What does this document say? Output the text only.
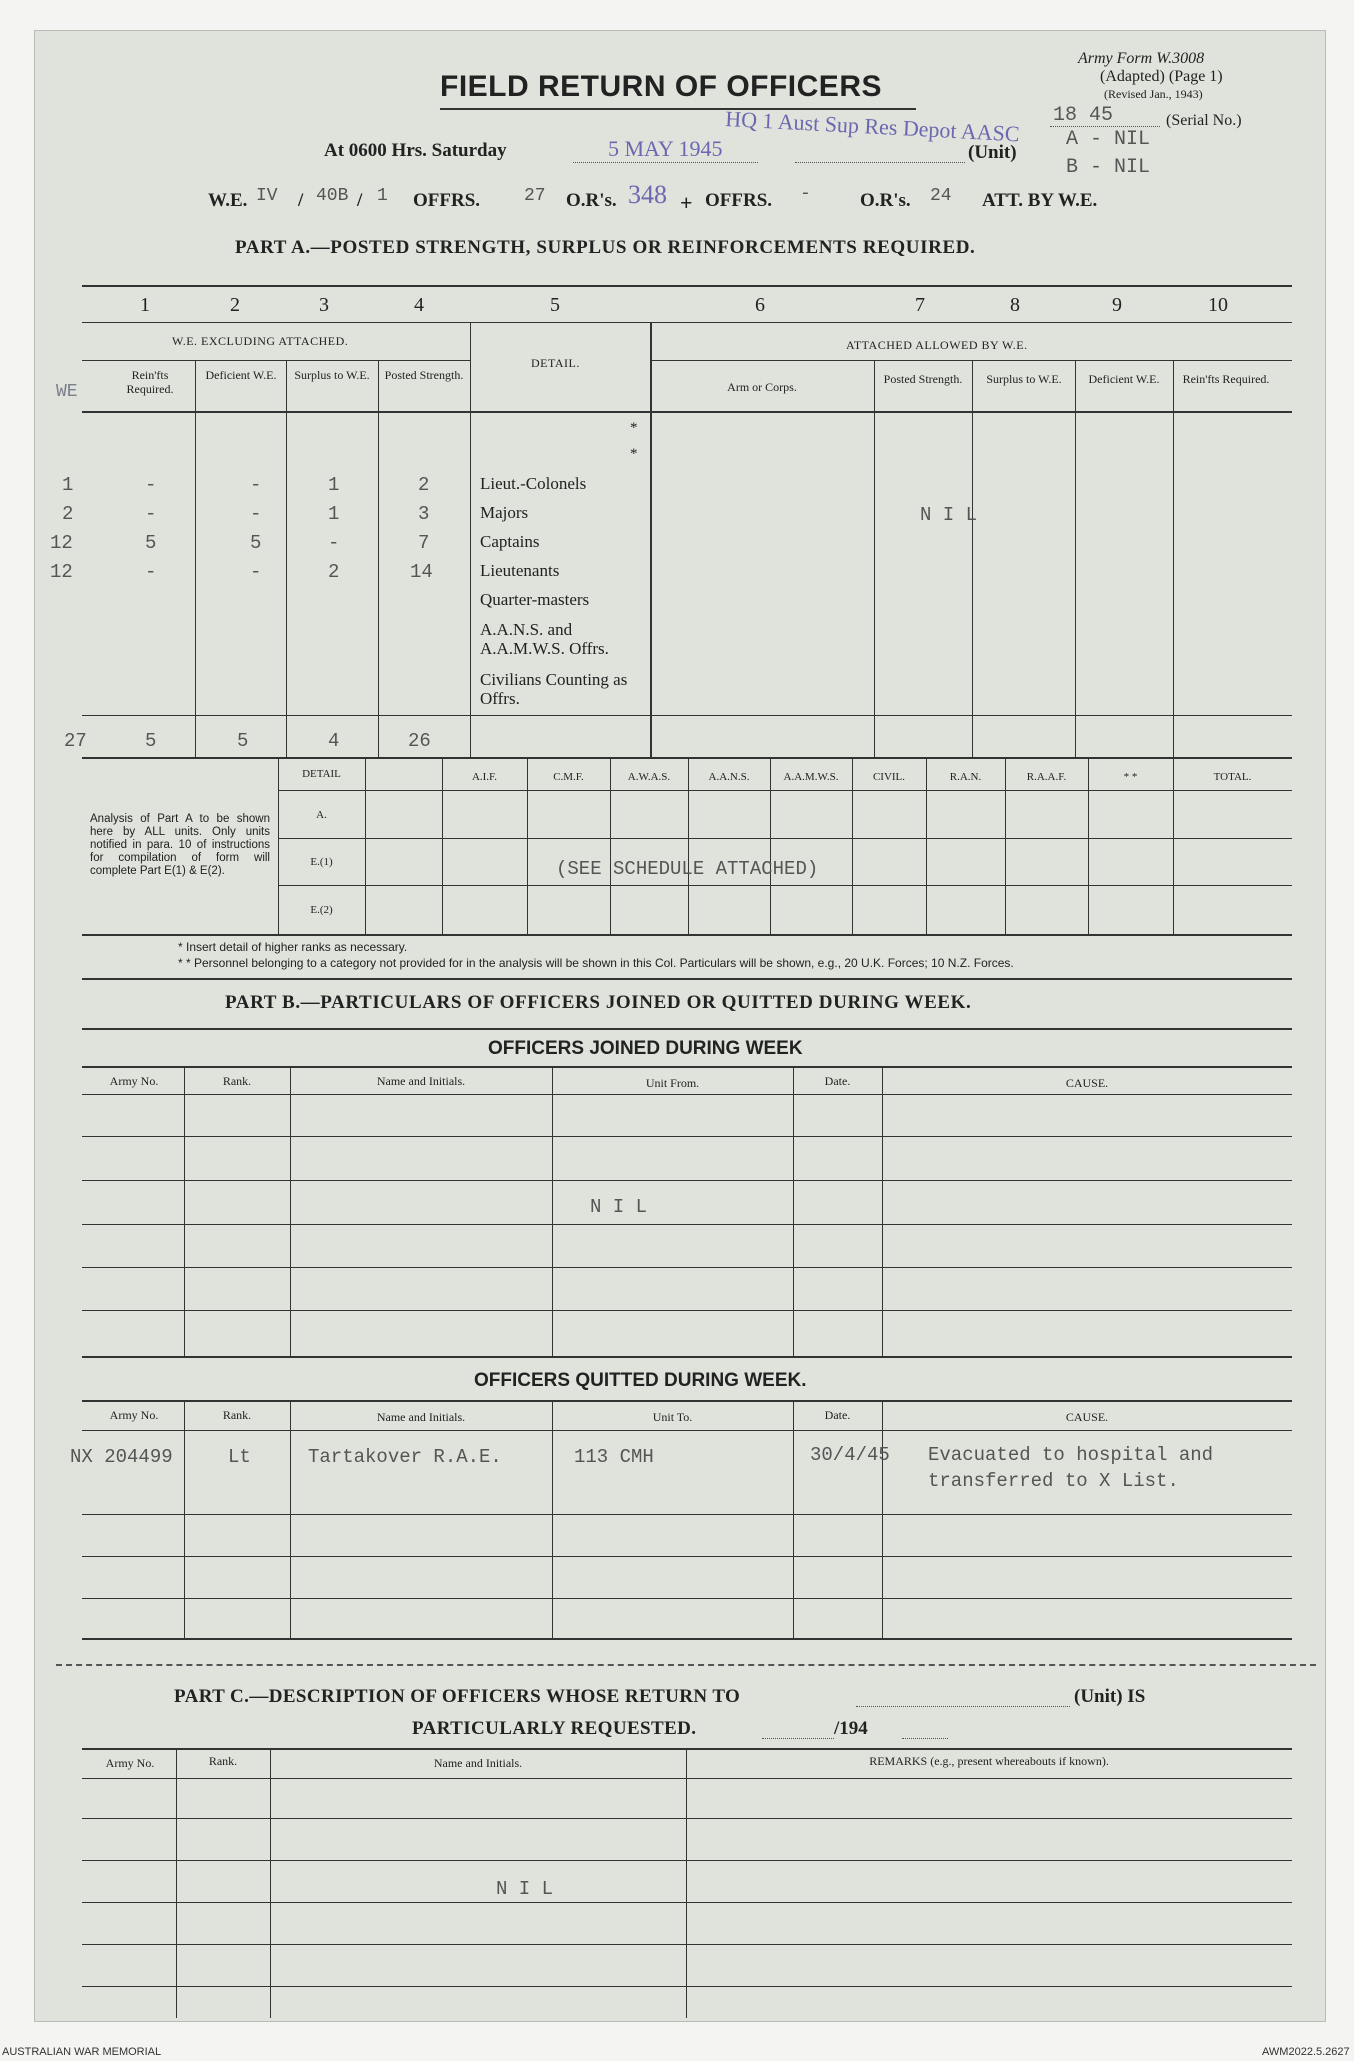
FIELD RETURN OF OFFICERS
Army Form W.3008
(Adapted) (Page 1)
(Revised Jan., 1943)
18 45	(Serial No.)
A - NIL
B - NIL
At 0600 Hrs. Saturday	5 MAY 1945
HQ 1 Aust Sup Res Depot AASC
(Unit)
W.E. IV / 40B / 1 OFFRS. 27 O.R's. 348 + OFFRS. -	O.R's. 24 ATT. BY W.E.
PART A.—POSTED STRENGTH, SURPLUS OR REINFORCEMENTS REQUIRED.
1	2	3	4	5	6	7	8	9	10
W.E. EXCLUDING ATTACHED.	ATTACHED ALLOWED BY W.E.
DETAIL.
WE
Rein'fts Required.
Deficient W.E.	Surplus to W.E.	Posted Strength.
Arm or Corps.
Posted Strength.	Surplus to W.E.	Deficient W.E.	Rein'fts Required.
*
*
1	-	-	1	2	Lieut.-Colonels
2	-	-	1	3	Majors
12	5	5	-	7	Captains
12	-	-	2	14	Lieutenants
Quarter-masters
A.A.N.S. and A.A.M.W.S. Offrs.
Civilians Counting as Offrs.
N I L
27	5	5	4	26
Analysis of Part A to be shown here by ALL units. Only units notified in para. 10 of instructions for compilation of form will complete Part E(1) & E(2).
DETAIL	A.I.F.	C.M.F.	A.W.A.S.	A.A.N.S.	A.A.M.W.S.	CIVIL.	R.A.N.	R.A.A.F.	* *	TOTAL.
A.
E.(1)
E.(2)
(SEE SCHEDULE ATTACHED)
* Insert detail of higher ranks as necessary.
* * Personnel belonging to a category not provided for in the analysis will be shown in this Col. Particulars will be shown, e.g., 20 U.K. Forces; 10 N.Z. Forces.
PART B.—PARTICULARS OF OFFICERS JOINED OR QUITTED DURING WEEK.
OFFICERS JOINED DURING WEEK
Army No.	Rank.	Name and Initials.	Unit From.	Date.	CAUSE.
N I L
OFFICERS QUITTED DURING WEEK.
Army No.	Rank.	Name and Initials.	Unit To.	Date.	CAUSE.
NX 204499	Lt	Tartakover R.A.E.	113 CMH	30/4/45 Evacuated to hospital and
transferred to X List.
PART C.—DESCRIPTION OF OFFICERS WHOSE RETURN TO	(Unit) IS
PARTICULARLY REQUESTED.	/194
Army No.	Rank.	Name and Initials.	REMARKS (e.g., present whereabouts if known).
N I L
AUSTRALIAN WAR MEMORIAL	AWM2022.5.2627
